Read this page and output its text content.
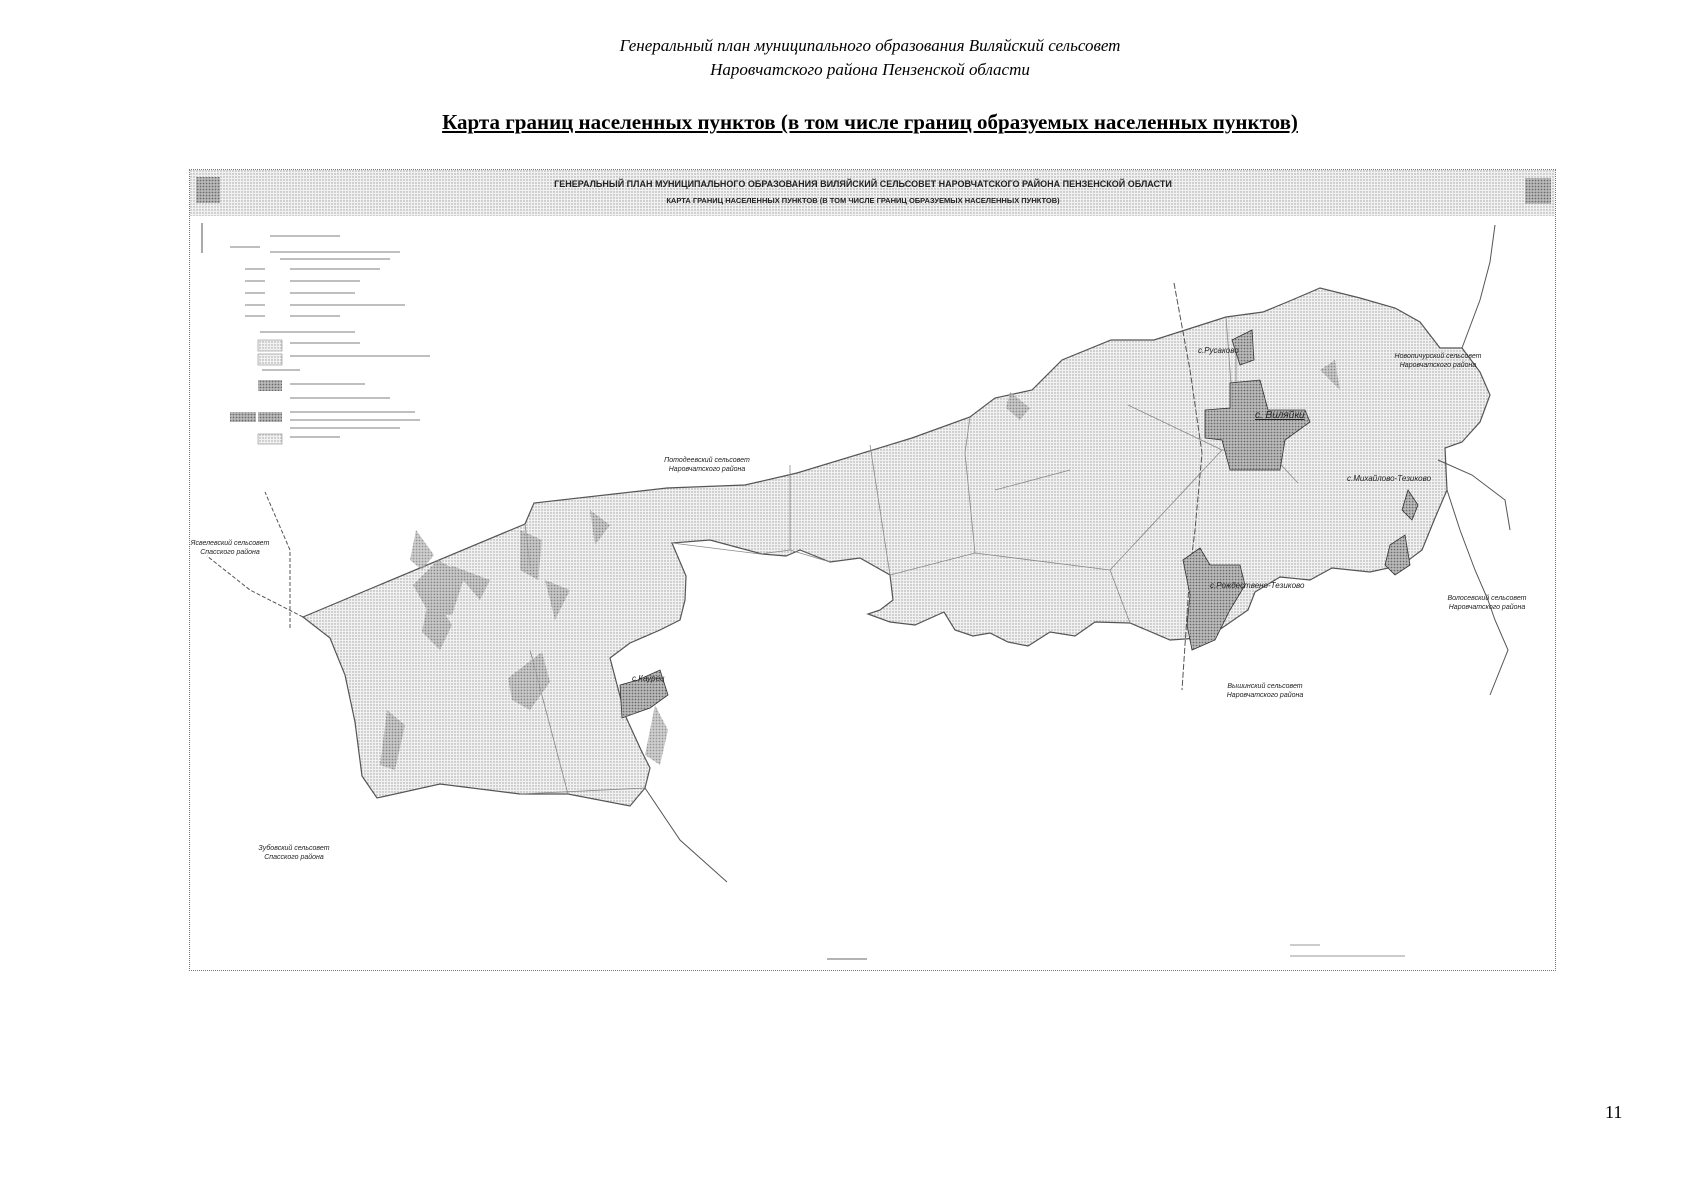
Генеральный план муниципального образования Виляйский сельсовет
Наровчатского района Пензенской области
Карта границ населенных пунктов (в том числе границ образуемых населенных пунктов)
ГЕНЕРАЛЬНЫЙ ПЛАН МУНИЦИПАЛЬНОГО ОБРАЗОВАНИЯ ВИЛЯЙСКИЙ СЕЛЬСОВЕТ НАРОВЧАТСКОГО РАЙОНА ПЕНЗЕНСКОЙ ОБЛАСТИ
КАРТА ГРАНИЦ НАСЕЛЕННЫХ ПУНКТОВ (В ТОМ ЧИСЛЕ ГРАНИЦ ОБРАЗУЕМЫХ НАСЕЛЕННЫХ ПУНКТОВ)
с.Русаково
с. Виляйки
с.Михайлово-Тезиково
с.Рождествено-Тезиково
с.Каурец
Потодеевский сельсовет
Наровчатского района
Ясвелевский сельсовет
Спасского района
Зубовский сельсовет
Спасского района
Новопичурский сельсовет
Наровчатского района
Волосевский сельсовет
Наровчатского района
Вышинский сельсовет
Наровчатского района
11
